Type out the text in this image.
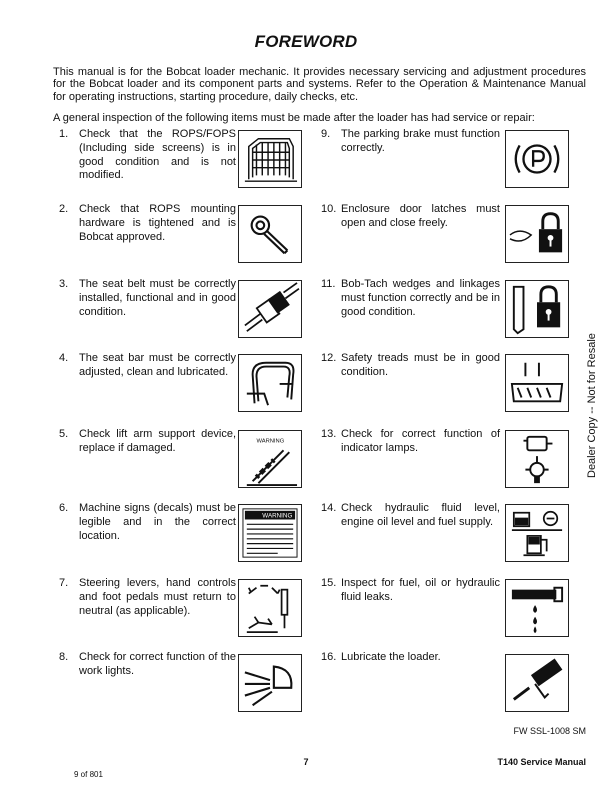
FOREWORD
This manual is for the Bobcat loader mechanic. It provides necessary servicing and adjustment procedures for the Bobcat loader and its component parts and systems. Refer to the Operation & Maintenance Manual for operating instructions, starting procedure, daily checks, etc.
A general inspection of the following items must be made after the loader has had service or repair:
1. Check that the ROPS/FOPS (Including side screens) is in good condition and is not modified.
2. Check that ROPS mounting hardware is tightened and is Bobcat approved.
3. The seat belt must be correctly installed, functional and in good condition.
4. The seat bar must be correctly adjusted, clean and lubricated.
5. Check lift arm support device, replace if damaged.
WARNING
6. Machine signs (decals) must be legible and in the correct location.
WARNING
7. Steering levers, hand controls and foot pedals must return to neutral (as applicable).
8. Check for correct function of the work lights.
9. The parking brake must function correctly.
10. Enclosure door latches must open and close freely.
11. Bob-Tach wedges and linkages must function correctly and be in good condition.
12. Safety treads must be in good condition.
13. Check for correct function of indicator lamps.
14. Check hydraulic fluid level, engine oil level and fuel supply.
15. Inspect for fuel, oil or hydraulic fluid leaks.
16. Lubricate the loader.
Dealer Copy -- Not for Resale
FW SSL-1008 SM
7	T140 Service Manual
9 of 801
